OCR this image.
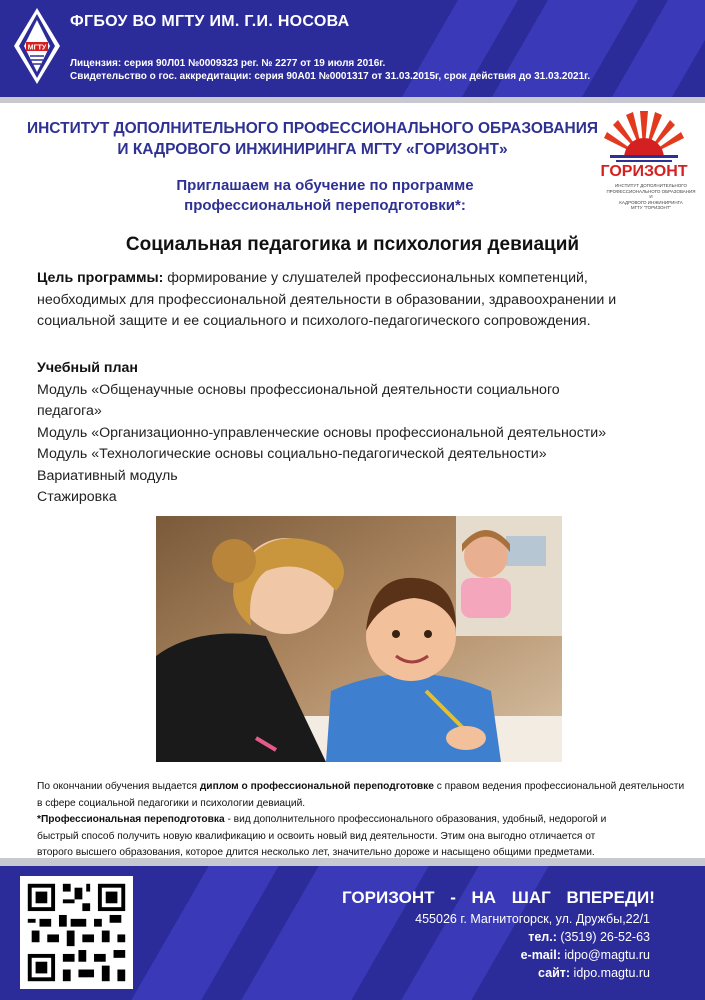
МГТУ
ФГБОУ ВО МГТУ ИМ. Г.И. НОСОВА
Лицензия: серия 90Л01 №0009323 рег. № 2277 от 19 июля 2016г.
Свидетельство о гос. аккредитации: серия 90А01 №0001317 от 31.03.2015г, срок действия до 31.03.2021г.
ИНСТИТУТ ДОПОЛНИТЕЛЬНОГО ПРОФЕССИОНАЛЬНОГО ОБРАЗОВАНИЯ
И КАДРОВОГО ИНЖИНИРИНГА МГТУ «ГОРИЗОНТ»
ГОРИЗОНТ
ИНСТИТУТ ДОПОЛНИТЕЛЬНОГО
ПРОФЕССИОНАЛЬНОГО ОБРАЗОВАНИЯ И
КАДРОВОГО ИНЖИНИРИНГА
МГТУ "ГОРИЗОНТ"
Приглашаем на обучение по программе
профессиональной переподготовки*:
Социальная педагогика и психология девиаций
Цель программы: формирование у слушателей профессиональных компетенций,
необходимых для профессиональной деятельности в образовании, здравоохранении и
социальной защите и ее социального и психолого-педагогического сопровождения.
Учебный план
Модуль «Общенаучные основы профессиональной деятельности социального
педагога»
Модуль «Организационно-управленческие основы профессиональной деятельности»
Модуль «Технологические основы социально-педагогической деятельности»
Вариативный модуль
Стажировка
По окончании обучения выдается диплом о профессиональной переподготовке с правом ведения профессиональной деятельности
в сфере социальной педагогики и психологии девиаций.
*Профессиональная переподготовка - вид дополнительного профессионального образования, удобный, недорогой и
быстрый способ получить новую квалификацию и освоить новый вид деятельности. Этим она выгодно отличается от
второго высшего образования, которое длится несколько лет, значительно дороже и насыщено общими предметами.
ГОРИЗОНТ - НА ШАГ ВПЕРЕДИ!
455026 г. Магнитогорск, ул. Дружбы,22/1
тел.: (3519) 26-52-63
e-mail: idpo@magtu.ru
сайт: idpo.magtu.ru
